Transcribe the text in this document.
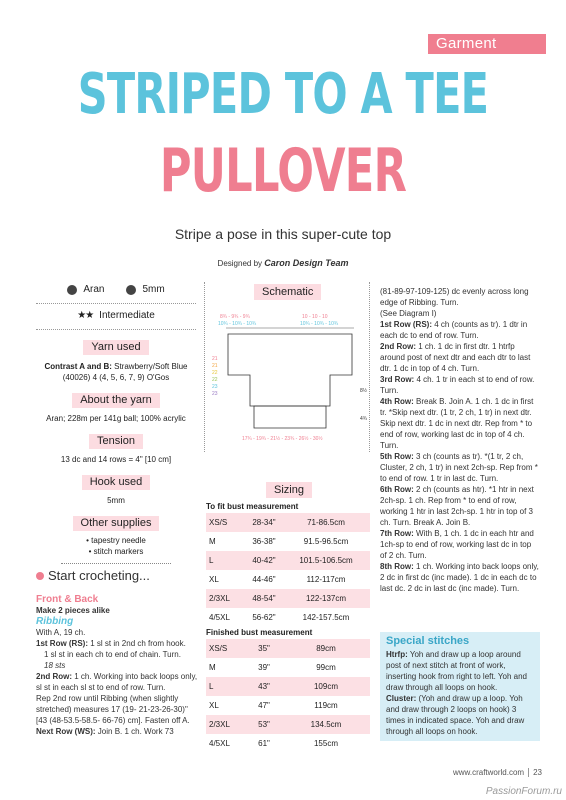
Garment
STRIPED TO A TEE
PULLOVER
Stripe a pose in this super-cute top
Designed by Caron Design Team
Aran	5mm
★★ Intermediate
Yarn used
Contrast A and B: Strawberry/Soft Blue (40026) 4 (4, 5, 6, 7, 9) O'Gos
About the yarn
Aran; 228m per 141g ball; 100% acrylic
Tension
13 dc and 14 rows = 4" [10 cm]
Hook used
5mm
Other supplies
• tapestry needle
• stitch markers
Start crocheting...
Front & Back
Make 2 pieces alike
Ribbing
With A, 19 ch.
1st Row (RS): 1 sl st in 2nd ch from hook.
1 sl st in each ch to end of chain. Turn.
18 sts
2nd Row: 1 ch. Working into back loops only, sl st in each sl st to end of row. Turn.
Rep 2nd row until Ribbing (when slightly stretched) measures 17 (19- 21-23-26-30)" [43 (48-53.5-58.5- 66-76) cm]. Fasten off A.
Next Row (WS): Join B. 1 ch. Work 73
Schematic
8¾ - 9¾ - 9¾
10¾ - 10¾ - 10¾
10 - 10 - 10
10¾ - 10¾ - 10¾
21
21
22
22
23
23	8½
4¾
17¾ - 19¾ - 21½ - 23¾ - 26½ - 30½
Sizing
To fit bust measurement
XS/S	28-34"	71-86.5cm
M	36-38"	91.5-96.5cm
L	40-42"	101.5-106.5cm
XL	44-46"	112-117cm
2/3XL	48-54"	122-137cm
4/5XL	56-62"	142-157.5cm
Finished bust measurement
XS/S	35"	89cm
M	39"	99cm
L	43"	109cm
XL	47"	119cm
2/3XL	53"	134.5cm
4/5XL	61"	155cm

(81-89-97-109-125) dc evenly across long edge of Ribbing. Turn.

(See Diagram I)

1st Row (RS): 4 ch (counts as tr). 1 dtr in each dc to end of row. Turn.

2nd Row: 1 ch. 1 dc in first dtr. 1 htrfp around post of next dtr and each dtr to last dtr. 1 dc in top of 4 ch. Turn.

3rd Row: 4 ch. 1 tr in each st to end of row. Turn.

4th Row: Break B. Join A. 1 ch. 1 dc in first tr. *Skip next dtr. (1 tr, 2 ch, 1 tr) in next dtr. Skip next dtr. 1 dc in next dtr. Rep from * to end of row, working last dc in top of 4 ch. Turn.

5th Row: 3 ch (counts as tr). *(1 tr, 2 ch, Cluster, 2 ch, 1 tr) in next 2ch-sp. Rep from * to end of row. 1 tr in last dc. Turn.

6th Row: 2 ch (counts as htr). *1 htr in next 2ch-sp. 1 ch. Rep from * to end of row, working 1 htr in last 2ch-sp. 1 htr in top of 3 ch. Turn. Break A. Join B.

7th Row: With B, 1 ch. 1 dc in each htr and 1ch-sp to end of row, working last dc in top of 2 ch. Turn.

8th Row: 1 ch. Working into back loops only, 2 dc in first dc (inc made). 1 dc in each dc to last dc. 2 dc in last dc (inc made). Turn.

Special stitches

Htrfp: Yoh and draw up a loop around post of next stitch at front of work, inserting hook from right to left. Yoh and draw through all loops on hook.

Cluster: (Yoh and draw up a loop. Yoh and draw through 2 loops on hook) 3 times in indicated space. Yoh and draw through all loops on hook.

www.craftworld.com 23
PassionForum.ru
